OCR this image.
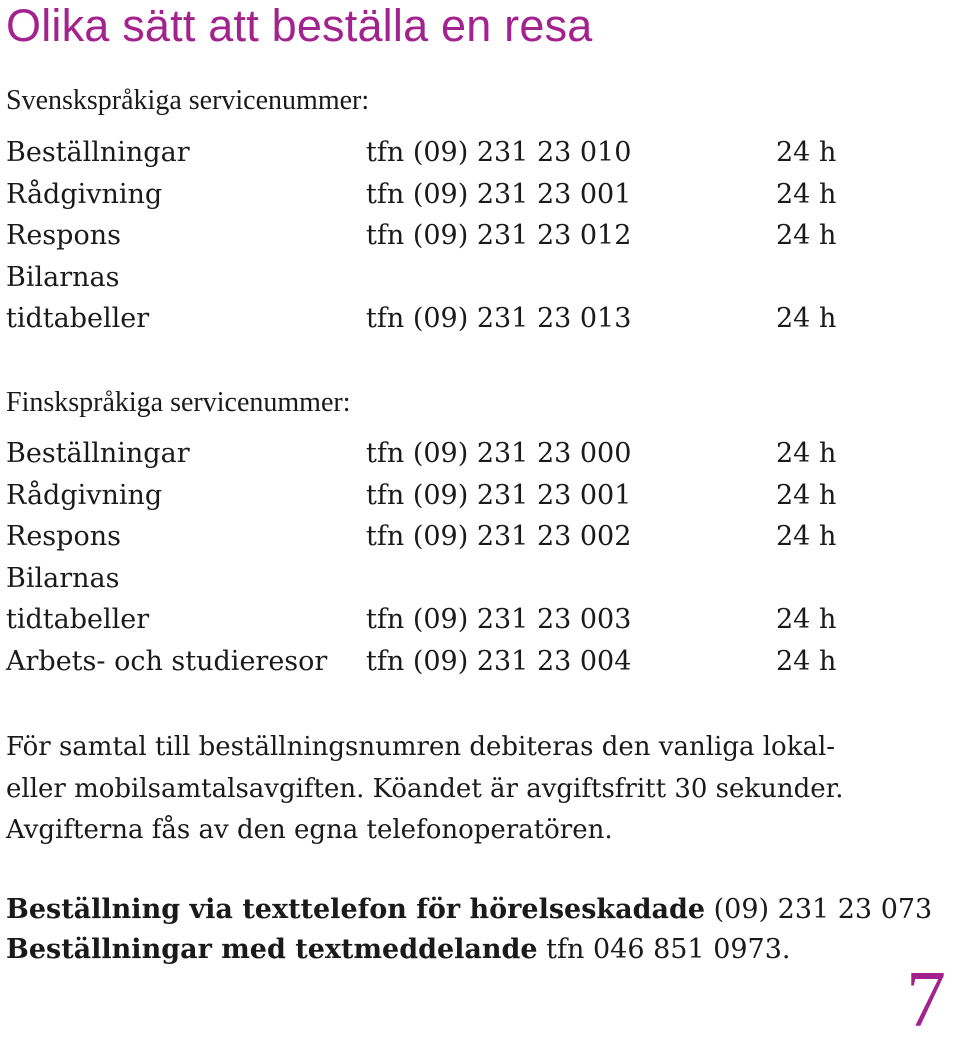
Olika sätt att beställa en resa
Svenskspråkiga servicenummer:
Beställningar	tfn (09) 231 23 010	24 h
Rådgivning	tfn (09) 231 23 001	24 h
Respons	tfn (09) 231 23 012	24 h
Bilarnas tidtabeller	tfn (09) 231 23 013	24 h
Finskspråkiga servicenummer:
Beställningar	tfn (09) 231 23 000	24 h
Rådgivning	tfn (09) 231 23 001	24 h
Respons	tfn (09) 231 23 002	24 h
Bilarnas tidtabeller	tfn (09) 231 23 003	24 h
Arbets- och studieresor	tfn (09) 231 23 004	24 h

För samtal till beställningsnumren debiteras den vanliga lokal-
eller mobilsamtalsavgiften. Köandet är avgiftsfritt 30 sekunder.
Avgifterna fås av den egna telefonoperatören.

Beställning via texttelefon för hörelseskadade (09) 231 23 073

Beställningar med textmeddelande tfn 046 851 0973.

7
